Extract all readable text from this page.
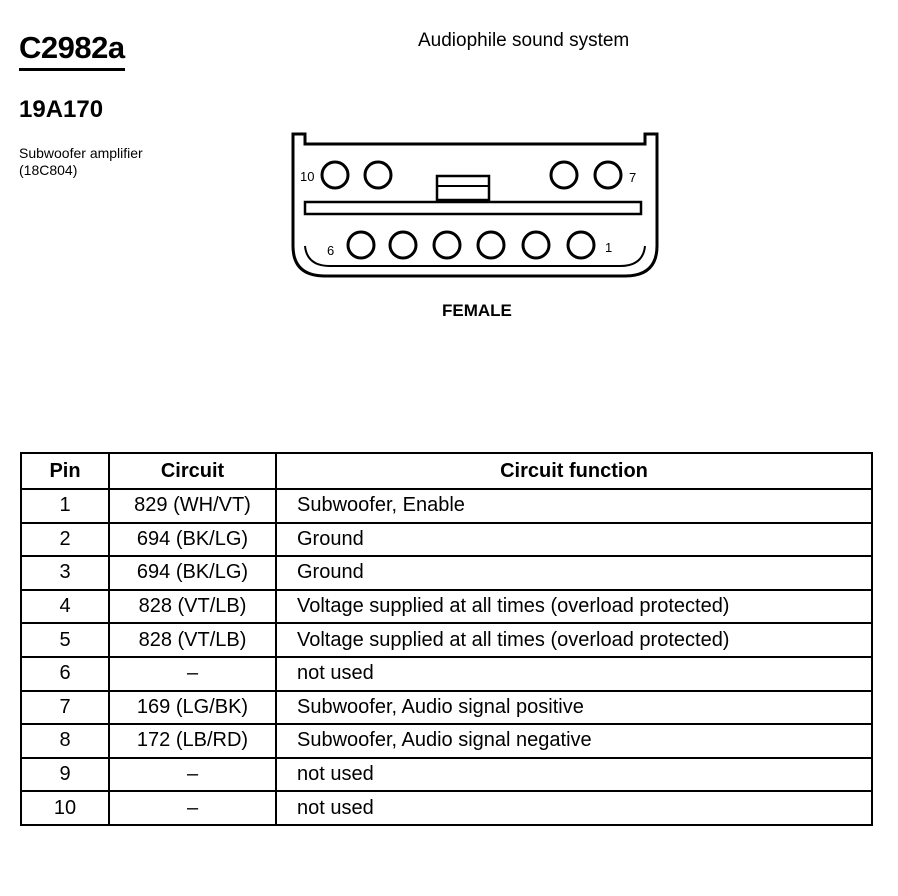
C2982a	Audiophile sound system
19A170
Subwoofer amplifier
(18C804)	10	7
6	1
FEMALE
Pin	Circuit	Circuit function
1	829 (WH/VT)	Subwoofer, Enable
2	694 (BK/LG)	Ground
3	694 (BK/LG)	Ground
4	828 (VT/LB)	Voltage supplied at all times (overload protected)
5	828 (VT/LB)	Voltage supplied at all times (overload protected)
6	–	not used
7	169 (LG/BK)	Subwoofer, Audio signal positive
8	172 (LB/RD)	Subwoofer, Audio signal negative
9	–	not used
10	–	not used
